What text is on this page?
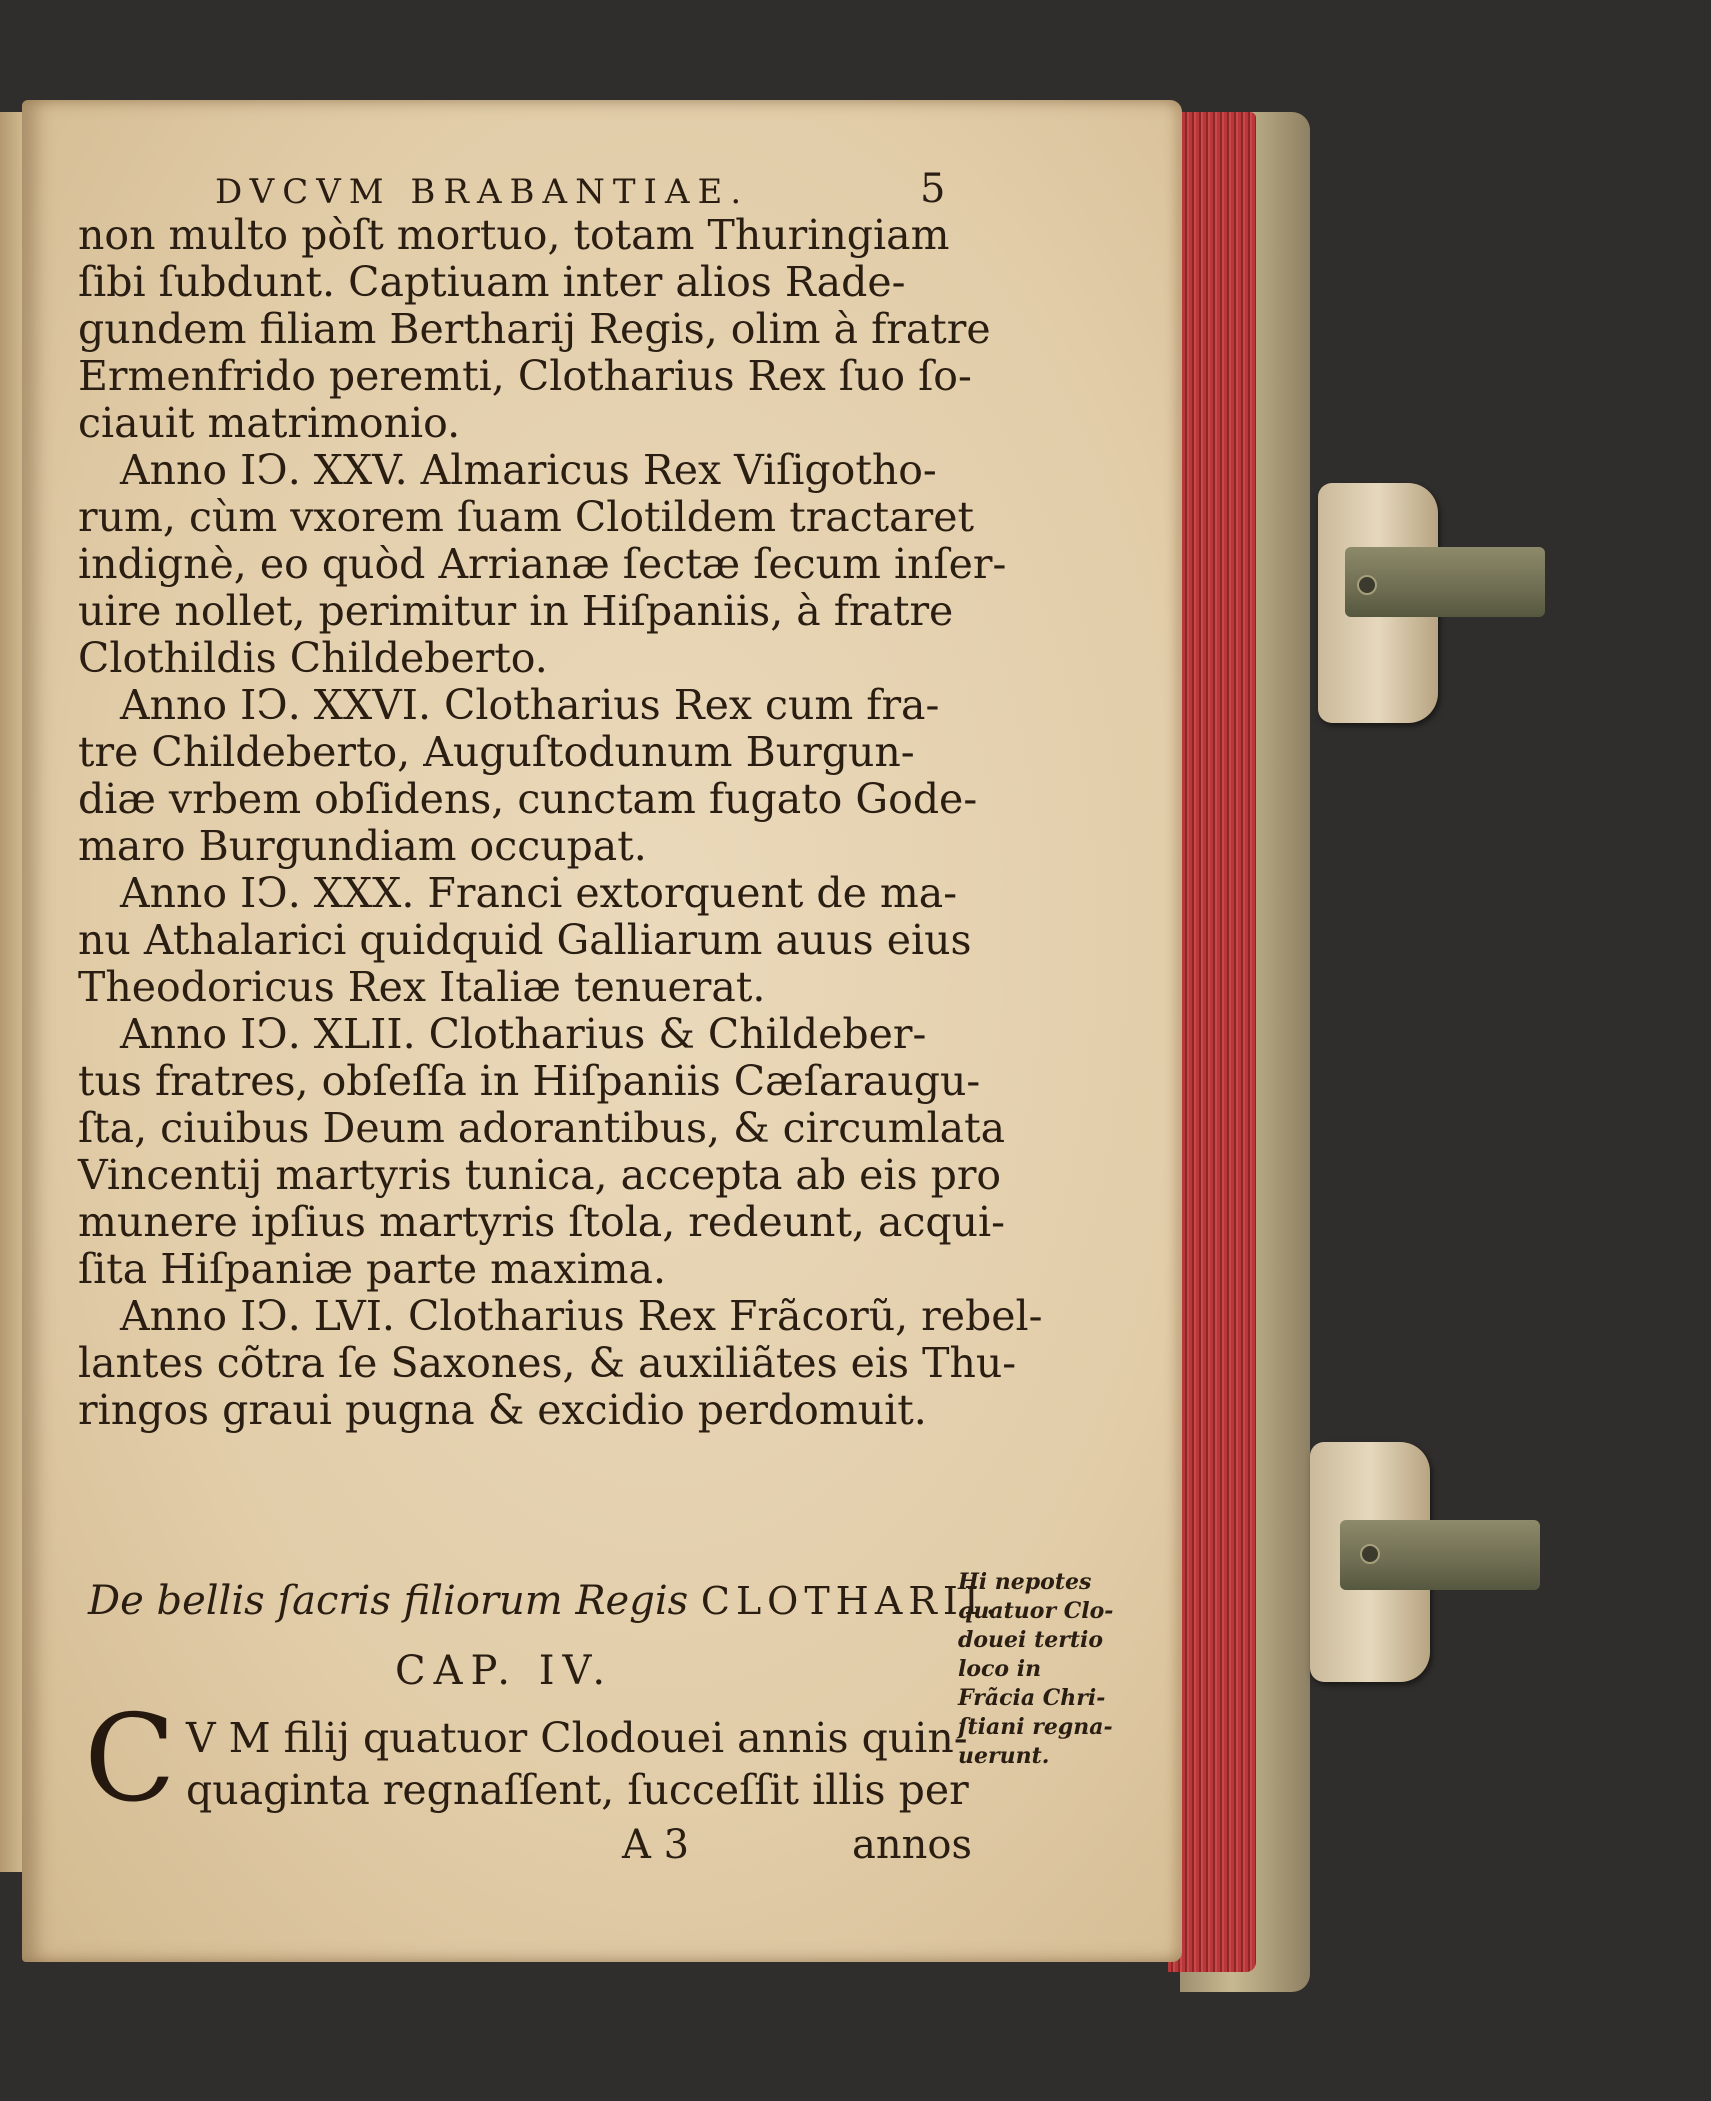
DVCVM BRABANTIAE.	5
non multo pòſt mortuo, totam Thuringiam
ſibi ſubdunt. Captiuam inter alios Rade-
gundem filiam Bertharij Regis, olim à fratre
Ermenfrido peremti, Clotharius Rex ſuo ſo-
ciauit matrimonio.
Anno IↃ. XXV. Almaricus Rex Viſigotho-
rum, cùm vxorem ſuam Clotildem tractaret
indignè, eo quòd Arrianæ ſectæ ſecum inſer-
uire nollet, perimitur in Hiſpaniis, à fratre
Clothildis Childeberto.
Anno IↃ. XXVI. Clotharius Rex cum fra-
tre Childeberto, Auguſtodunum Burgun-
diæ vrbem obſidens, cunctam fugato Gode-
maro Burgundiam occupat.
Anno IↃ. XXX. Franci extorquent de ma-
nu Athalarici quidquid Galliarum auus eius
Theodoricus Rex Italiæ tenuerat.
Anno IↃ. XLII. Clotharius & Childeber-
tus fratres, obſeſſa in Hiſpaniis Cæſaraugu-
ſta, ciuibus Deum adorantibus, & circumlata
Vincentij martyris tunica, accepta ab eis pro
munere ipſius martyris ſtola, redeunt, acqui-
ſita Hiſpaniæ parte maxima.
Anno IↃ. LVI. Clotharius Rex Frãcorũ, rebel-
lantes cõtra ſe Saxones, & auxiliãtes eis Thu-
ringos graui pugna & excidio perdomuit.
De bellis ſacris filiorum Regis CLOTHARII.
CAP. IV.
C V M filij quatuor Clodouei annis quin-
quaginta regnaſſent, ſucceſſit illis per
A 3	annos
Hi nepotes
quatuor Clo-
douei tertio
loco in
Frãcia Chri-
ſtiani regna-
uerunt.
